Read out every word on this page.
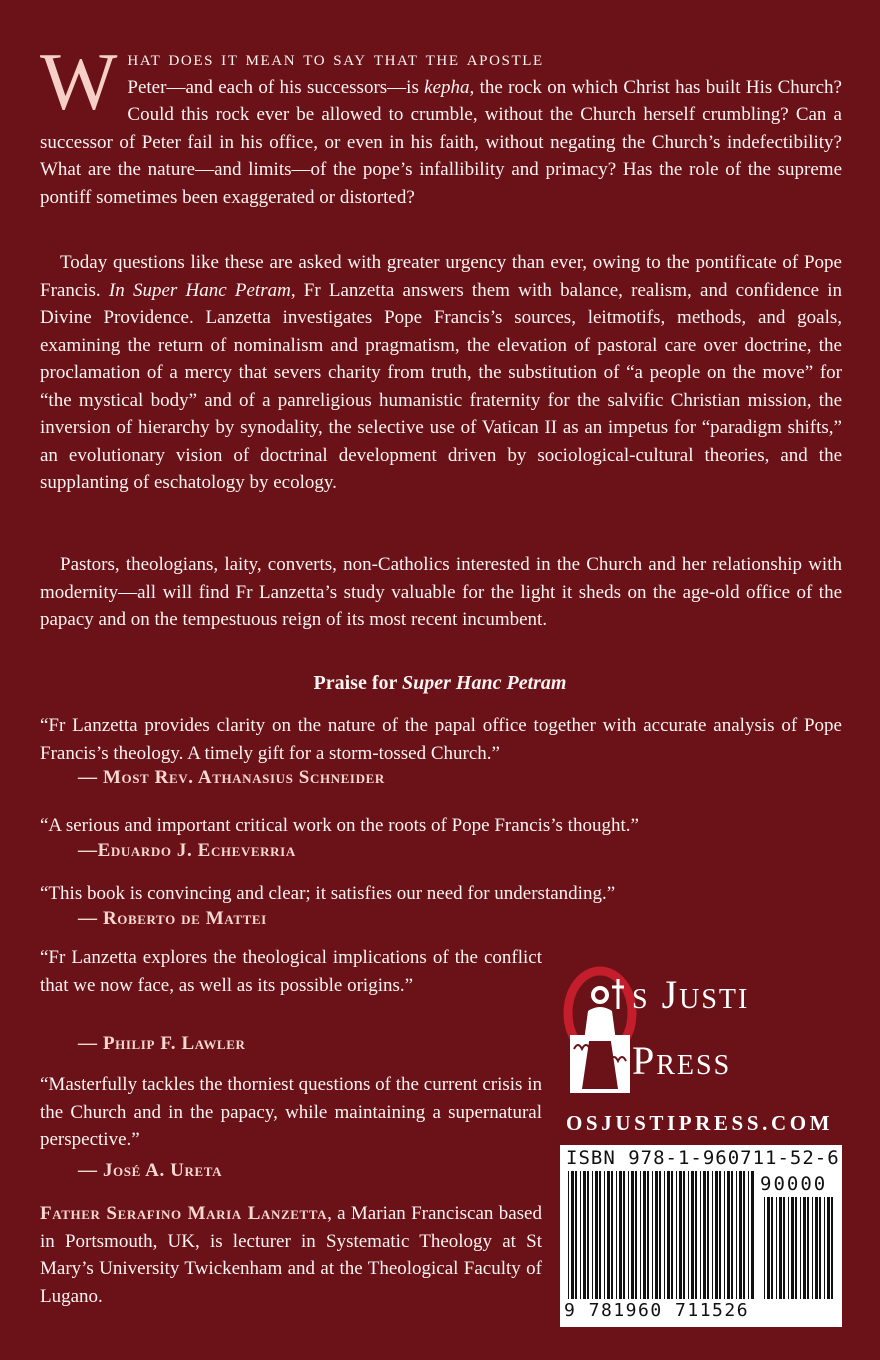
What does it mean to say that the apostle
Peter—and each of his successors—is kepha, the rock on which Christ has built His Church? Could this rock ever be allowed to crumble, without the Church herself crumbling? Can a successor of Peter fail in his office, or even in his faith, without negating the Church’s indefectibility? What are the nature—and limits—of the pope’s infallibility and primacy? Has the role of the supreme pontiff sometimes been exaggerated or distorted?

Today questions like these are asked with greater urgency than ever, owing to the pontificate of Pope Francis. In Super Hanc Petram, Fr Lanzetta answers them with balance, realism, and confidence in Divine Providence. Lanzetta investigates Pope Francis’s sources, leitmotifs, methods, and goals, examining the return of nominalism and pragmatism, the elevation of pastoral care over doctrine, the proclamation of a mercy that severs charity from truth, the substitution of “a people on the move” for “the mystical body” and of a panreligious humanistic fraternity for the salvific Christian mission, the inversion of hierarchy by synodality, the selective use of Vatican II as an impetus for “paradigm shifts,” an evolutionary vision of doctrinal development driven by sociological-cultural theories, and the supplanting of eschatology by ecology.

Pastors, theologians, laity, converts, non-Catholics interested in the Church and her relationship with modernity—all will find Fr Lanzetta’s study valuable for the light it sheds on the age-old office of the papacy and on the tempestuous reign of its most recent incumbent.

Praise for Super Hanc Petram

“Fr Lanzetta provides clarity on the nature of the papal office together with accurate analysis of Pope Francis’s theology. A timely gift for a storm-tossed Church.”

— Most Rev. Athanasius Schneider

“A serious and important critical work on the roots of Pope Francis’s thought.”

—Eduardo J. Echeverria

“This book is convincing and clear; it satisfies our need for understanding.”

— Roberto de Mattei

“Fr Lanzetta explores the theological implications of the conflict that we now face, as well as its possible origins.”

— Philip F. Lawler

“Masterfully tackles the thorniest questions of the current crisis in the Church and in the papacy, while maintaining a supernatural perspective.”

— José A. Ureta

Father Serafino Maria Lanzetta, a Marian Franciscan based in Portsmouth, UK, is lecturer in Systematic Theology at St Mary’s University Twickenham and at the Theological Faculty of Lugano.

s Justi
Press
OSJUSTIPRESS.COM
ISBN 978-1-960711-52-6
90000
9 781960 711526
